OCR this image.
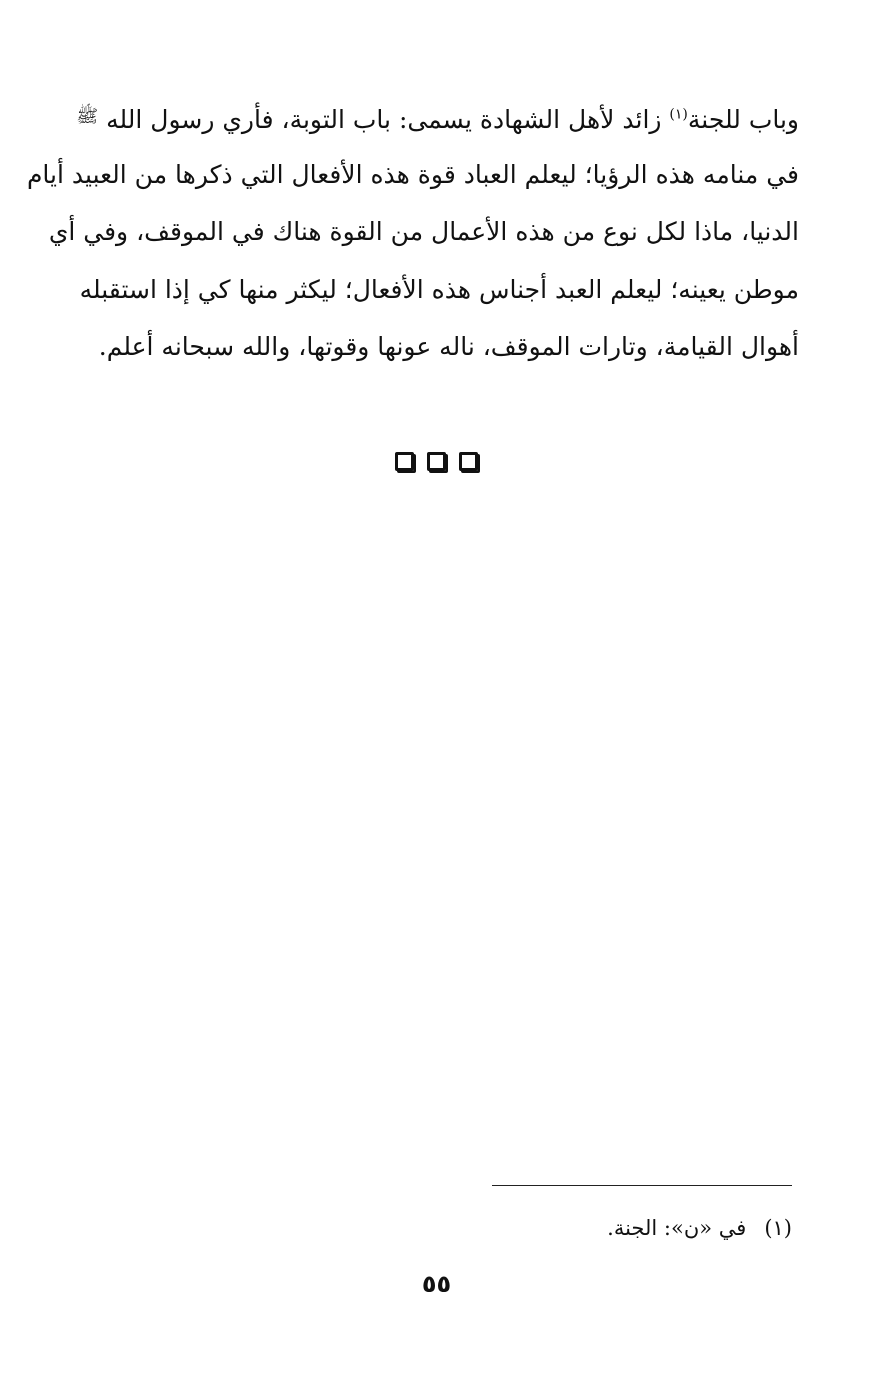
وباب للجنة$^{(١)}$ زائد لأهل الشهادة يسمى: باب التوبة، فأري رسول الله ﷺ
في منامه هذه الرؤيا؛ ليعلم العباد قوة هذه الأفعال التي ذكرها من العبيد أيام
الدنيا، ماذا لكل نوع من هذه الأعمال من القوة هناك في الموقف، وفي أي
موطن يعينه؛ ليعلم العبد أجناس هذه الأفعال؛ ليكثر منها كي إذا استقبله
أهوال القيامة، وتارات الموقف، ناله عونها وقوتها، والله سبحانه أعلم.
(١)في «ن»: الجنة.
٥٥
